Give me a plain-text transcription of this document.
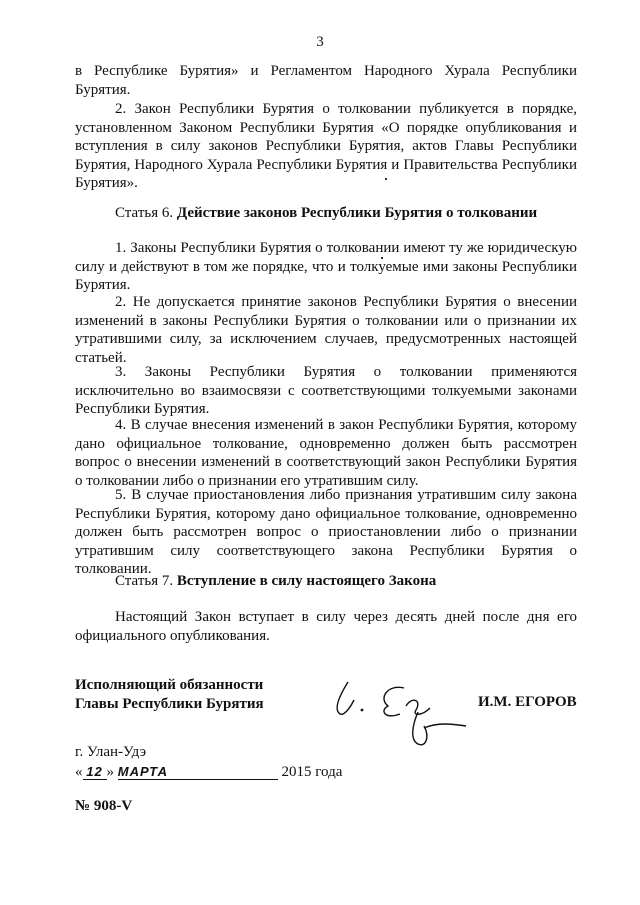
3

в Республике Бурятия» и Регламентом Народного Хурала Республики Бурятия.

2. Закон Республики Бурятия о толковании публикуется в порядке, установленном Законом Республики Бурятия «О порядке опубликования и вступления в силу законов Республики Бурятия, актов Главы Республики Бурятия, Народного Хурала Республики Бурятия и Правительства Республики Бурятия».

Статья 6. Действие законов Республики Бурятия о толковании

1. Законы Республики Бурятия о толковании имеют ту же юридическую силу и действуют в том же порядке, что и толкуемые ими законы Республики Бурятия.

2. Не допускается принятие законов Республики Бурятия о внесении изменений в законы Республики Бурятия о толковании или о признании их утратившими силу, за исключением случаев, предусмотренных настоящей статьей.

3. Законы Республики Бурятия о толковании применяются исключительно во взаимосвязи с соответствующими толкуемыми законами Республики Бурятия.

4. В случае внесения изменений в закон Республики Бурятия, которому дано официальное толкование, одновременно должен быть рассмотрен вопрос о внесении изменений в соответствующий закон Республики Бурятия о толковании либо о признании его утратившим силу.

5. В случае приостановления либо признания утратившим силу закона Республики Бурятия, которому дано официальное толкование, одновременно должен быть рассмотрен вопрос о приостановлении либо о признании утратившим силу соответствующего закона Республики Бурятия о толковании.

Статья 7. Вступление в силу настоящего Закона

Настоящий Закон вступает в силу через десять дней после дня его официального опубликования.

Исполняющий обязанности
Главы Республики Бурятия	И.М. ЕГОРОВ
г. Улан-Удэ
« 12 » МАРТА	2015 года
№ 908-V
